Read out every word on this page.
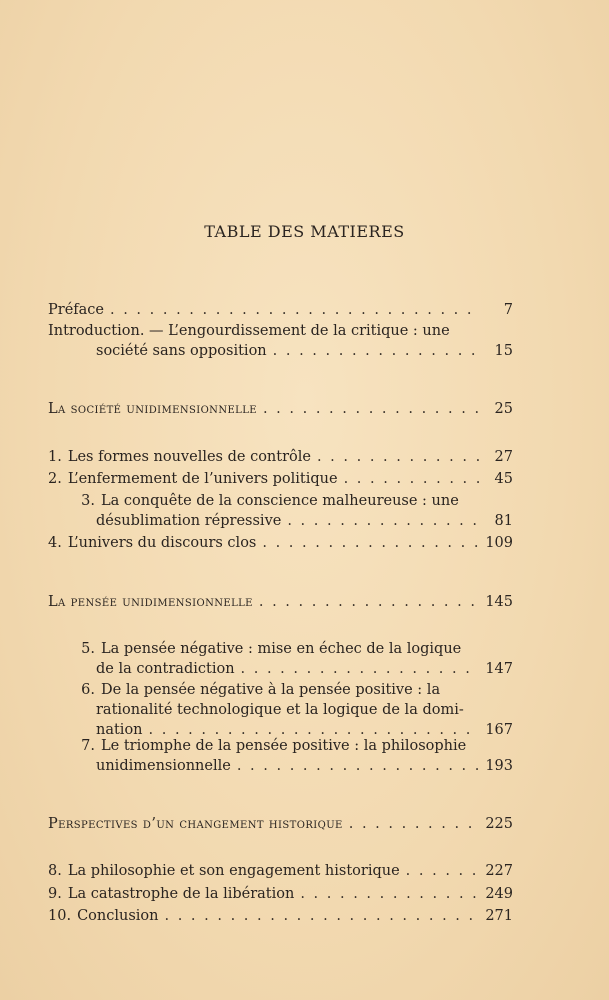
TABLE DES MATIERES
Préface . . .	7
Introduction. — L’engourdissement de la critique : une
société sans opposition . . .	15
La société unidimensionnelle . . .	25
1. Les formes nouvelles de contrôle . . .	27
2. L’enfermement de l’univers politique . . .	45
3. La conquête de la conscience malheureuse : une
désublimation répressive . . .	81
4. L’univers du discours clos . . .	109
La pensée unidimensionnelle . . .	145
5. La pensée négative : mise en échec de la logique
de la contradiction . . .	147
6. De la pensée négative à la pensée positive : la
rationalité technologique et la logique de la domi-
nation . . .	167
7. Le triomphe de la pensée positive : la philosophie
unidimensionnelle . . .	193
Perspectives d’un changement historique . . .	225
8. La philosophie et son engagement historique . . .	227
9. La catastrophe de la libération . . .	249
10. Conclusion . . .	271
